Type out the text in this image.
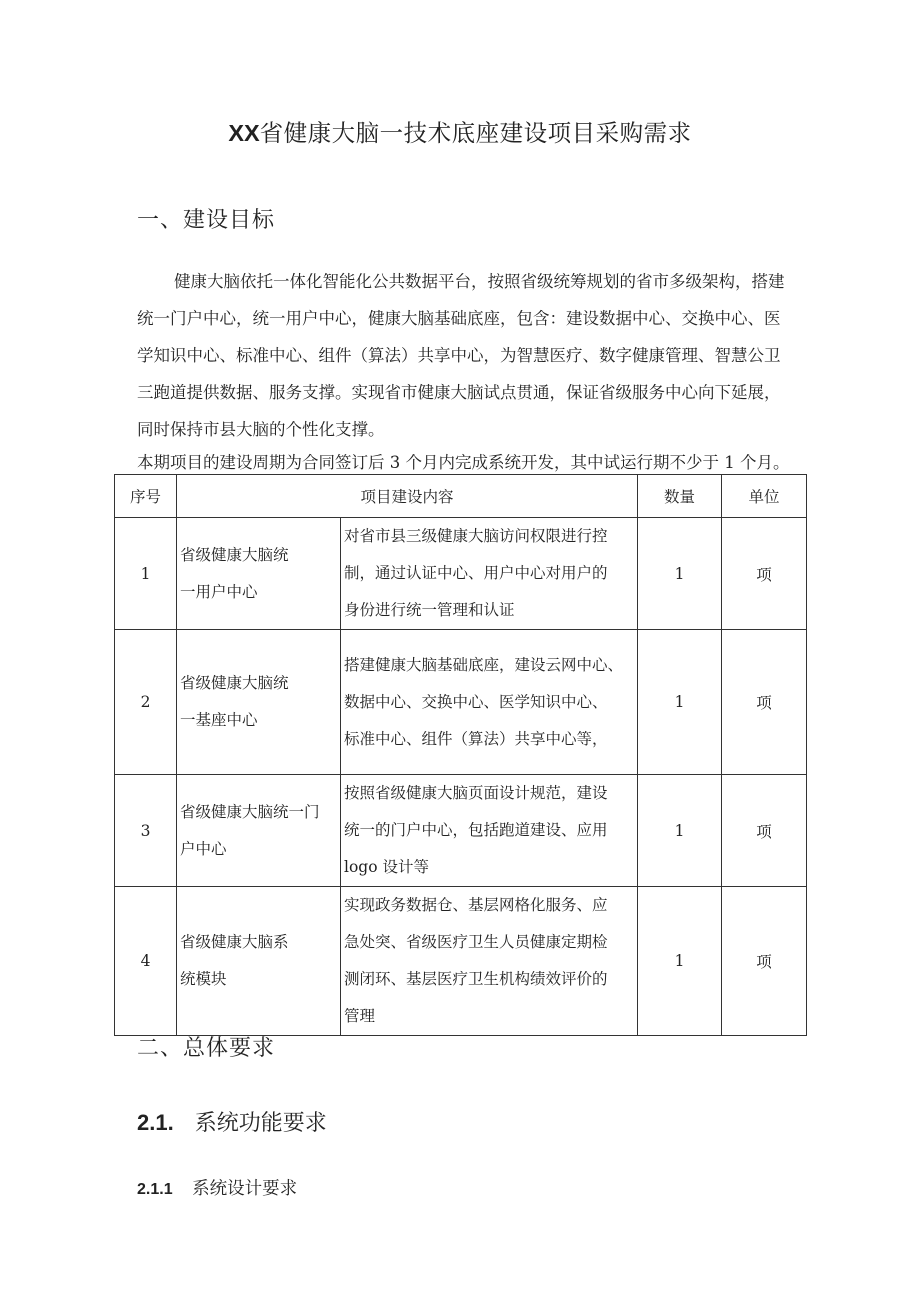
XX省健康大脑一技术底座建设项目采购需求
一、建设目标
健康大脑依托一体化智能化公共数据平台，按照省级统筹规划的省市多级架构，搭建
统一门户中心，统一用户中心，健康大脑基础底座，包含：建设数据中心、交换中心、医
学知识中心、标准中心、组件（算法）共享中心，为智慧医疗、数字健康管理、智慧公卫
三跑道提供数据、服务支撑。实现省市健康大脑试点贯通，保证省级服务中心向下延展，
同时保持市县大脑的个性化支撑。
本期项目的建设周期为合同签订后 3 个月内完成系统开发，其中试运行期不少于 1 个月。
序号	项目建设内容		数量	单位
1	省级健康大脑统
一用户中心	对省市县三级健康大脑访问权限进行控
制，通过认证中心、用户中心对用户的
身份进行统一管理和认证	1	项
2	省级健康大脑统
一基座中心	搭建健康大脑基础底座，建设云网中心、
数据中心、交换中心、医学知识中心、
标准中心、组件（算法）共享中心等，	1	项
3	省级健康大脑统一门
户中心	按照省级健康大脑页面设计规范，建设
统一的门户中心，包括跑道建设、应用
logo 设计等	1	项
4	省级健康大脑系
统模块	实现政务数据仓、基层网格化服务、应
急处突、省级医疗卫生人员健康定期检
测闭环、基层医疗卫生机构绩效评价的
管理	1	项
二、总体要求
2.1. 系统功能要求
2.1.1 系统设计要求
